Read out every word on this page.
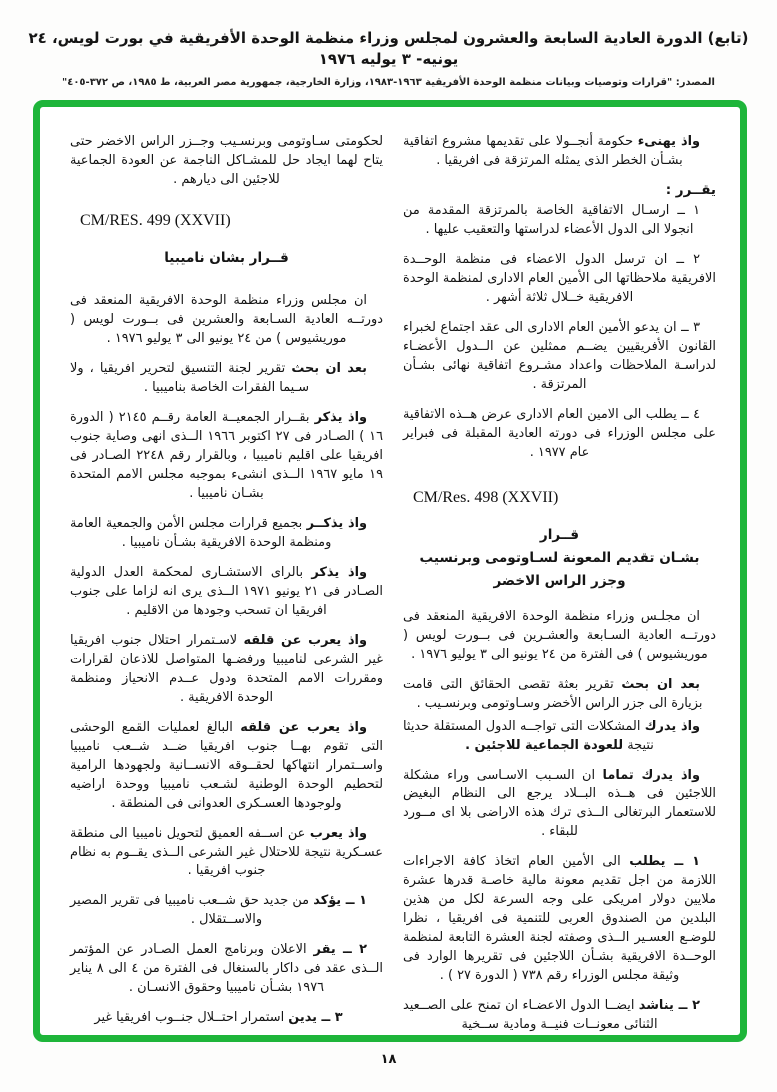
(تابع) الدورة العادية السابعة والعشرون لمجلس وزراء منظمة الوحدة الأفريقية في بورت لويس، ٢٤ يونيه- ٣ يوليه ١٩٧٦
المصدر: "قرارات وتوصيات وبيانات منظمة الوحدة الأفريقية ١٩٦٣-١٩٨٣، وزارة الخارجية، جمهورية مصر العربية، ط ١٩٨٥، ص ٣٧٢-٤٠٥"

واذ يهنىء حكومة أنجــولا على تقديمها مشروع اتفاقية بشـأن الخطر الذى يمثله المرتزقة فى افريقيا .

يقــرر :

١ ــ ارسـال الاتفاقية الخاصة بالمرتزقة المقدمة من انجولا الى الدول الأعضاء لدراستها والتعقيب عليها .

٢ ــ ان ترسل الدول الاعضاء فى منظمة الوحــدة الافريقية ملاحظاتها الى الأمين العام الادارى لمنظمة الوحدة الافريقية خــلال ثلاثة أشهر .

٣ ــ ان يدعو الأمين العام الادارى الى عقد اجتماع لخبراء القانون الأفريقيين يضــم ممثلين عن الــدول الأعضـاء لدراسـة الملاحظات واعداد مشـروع اتفاقية نهائى بشـأن المرتزقة .

٤ ــ يطلب الى الامين العام الادارى عرض هــذه الاتفاقية على مجلس الوزراء فى دورته العادية المقبلة فى فبراير عام ١٩٧٧ .

CM/Res. 498 (XXVII)

قــرار

بشـان تقديم المعونة لسـاوتومى وبرنسيب

وجزر الراس الاخضر

ان مجلـس وزراء منظمة الوحدة الافريقية المنعقد فى دورتــه العادية السـابعة والعشـرين فى بــورت لويس ( موريشيوس ) فى الفترة من ٢٤ يونيو الى ٣ يوليو ١٩٧٦ .

بعد ان بحث تقرير بعثة تقصى الحقائق التى قامت بزيارة الى جزر الراس الأخضر وسـاوتومى وبرنسـيب .

واذ يدرك المشكلات التى تواجــه الدول المستقلة حديثا نتيجة للعودة الجماعية للاجئين .

واذ يدرك تماما ان السـبب الاسـاسى وراء مشكلة اللاجئين فى هــذه البــلاد يرجع الى النظام البغيض للاستعمار البرتغالى الــذى ترك هذه الاراضى بلا اى مــورد للبقاء .

١ ــ يطلب الى الأمين العام اتخاذ كافة الاجراءات اللازمة من اجل تقديم معونة مالية خاصـة قدرها عشرة ملايين دولار امريكى على وجه السرعة لكل من هذين البلدين من الصندوق العربى للتنمية فى افريقيا ، نظرا للوضـع العسـير الــذى وصفته لجنة العشرة التابعة لمنظمة الوحــدة الافريقية بشـأن اللاجئين فى تقريرها الوارد فى وثيقة مجلس الوزراء رقم ٧٣٨ ( الدورة ٢٧ ) .

٢ ــ يناشد ايضــا الدول الاعضـاء ان تمنح على الصــعيد الثنائى معونــات فنيــة ومادية ســخية

لحكومتى سـاوتومى وبرنسـيب وجــزر الراس الاخضر حتى يتاح لهما ايجاد حل للمشـاكل الناجمة عن العودة الجماعية للاجئين الى ديارهم .

CM/RES. 499 (XXVII)

قــرار بشان ناميبيا

ان مجلس وزراء منظمة الوحدة الافريقية المنعقد فى دورتــه العادية السـابعة والعشرين فى بــورت لويس ( موريشيوس ) من ٢٤ يونيو الى ٣ يوليو ١٩٧٦ .

بعد ان بحث تقرير لجنة التنسيق لتحرير افريقيا ، ولا سـيما الفقرات الخاصة بناميبيا .

واذ يذكر بقــرار الجمعيــة العامة رقــم ٢١٤٥ ( الدورة ١٦ ) الصـادر فى ٢٧ اكتوبر ١٩٦٦ الــذى انهى وصاية جنوب افريقيا على اقليم ناميبيا ، وبالقرار رقم ٢٢٤٨ الصـادر فى ١٩ مايو ١٩٦٧ الــذى انشىء بموجبه مجلس الامم المتحدة بشـان ناميبيا .

واذ يذكــر بجميع قرارات مجلس الأمن والجمعية العامة ومنظمة الوحدة الافريقية بشـأن ناميبيا .

واذ يذكر بالراى الاستشـارى لمحكمة العدل الدولية الصـادر فى ٢١ يونيو ١٩٧١ الــذى يرى انه لزاما على جنوب افريقيا ان تسحب وجودها من الاقليم .

واذ يعرب عن قلقه لاسـتمرار احتلال جنوب افريقيا غير الشرعى لناميبيا ورفضـها المتواصل للاذعان لقرارات ومقررات الامم المتحدة ودول عــدم الانحياز ومنظمة الوحدة الافريقية .

واذ يعرب عن قلقه البالغ لعمليات القمع الوحشى التى تقوم بهــا جنوب افريقيا ضــد شــعب ناميبيا واســتمرار انتهاكها لحقــوقه الانســانية ولجهودها الرامية لتحطيم الوحدة الوطنية لشـعب ناميبيا ووحدة اراضيه ولوجودها العسـكرى العدوانى فى المنطقة .

واذ يعرب عن اســفه العميق لتحويل ناميبيا الى منطقة عسـكرية نتيجة للاحتلال غير الشرعى الــذى يقــوم به نظام جنوب افريقيا .

١ ــ يؤكد من جديد حق شــعب ناميبيا فى تقرير المصير والاســتقلال .

٢ ــ يقر الاعلان وبرنامج العمل الصـادر عن المؤتمر الــذى عقد فى داكار بالسنغال فى الفترة من ٤ الى ٨ يناير ١٩٧٦ بشـأن ناميبيا وحقوق الانسـان .

٣ ــ يدين استمرار احتــلال جنــوب افريقيا غير

١٨
